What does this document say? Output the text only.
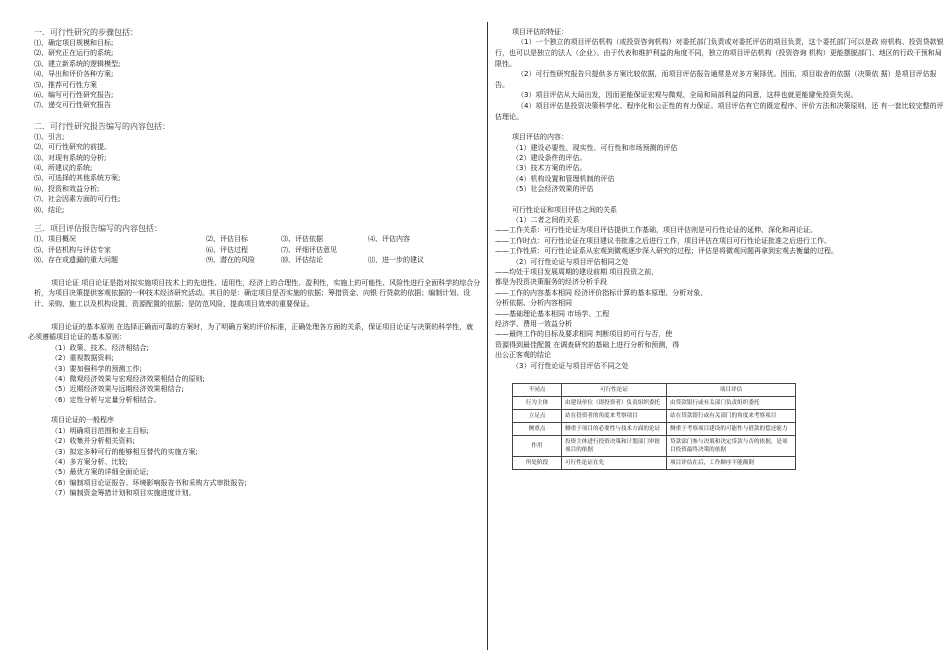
一．可行性研究的步骤包括：
⑴、确定项目规模和目标;
⑵、研究正在运行的系统;
⑶、建立新系统的逻辑模型;
⑷、导出和评价各种方案;
⑸、推荐可行性方案
⑹、编写可行性研究报告;
⑺、递交可行性研究报告
二．可行性研究报告编写的内容包括：
⑴、引言;
⑵、可行性研究的前提。
⑶、对现有系统的分析;
⑷、所建议的系统;
⑸、可选择的其他系统方案;
⑹、投资和效益分析;
⑺、社会因素方面的可行性;
⑻、结论;
三．项目评估报告编写的内容包括：
⑴、项目概况	⑵、评估目标	⑶、评估依据	⑷、评估内容
⑸、评估机构与评估专家	⑹、评估过程	⑺、评细评估意见
⑻、存在或遗漏的重大问题	⑼、潜在的风险	⑽、评估结论	⑾、进一步的建议
项目论证 项目论证是指对拟实施项目技术上的先进性、适用性，经济上的合理性、盈利性，实施上的可能性、风险性进行全面科学的综合分析，为项目决策提供客观依据的一种技术经济研究活动。其目的是：确定项目是否实施的依据；筹措资金、向银 行贷款的依据；编制计划、设计、采购、施工以及机构设置、资源配置的依据；是防范风险、提高项目效率的重要保证。
项目论证的基本原则 在选择正确而可靠的方案时，为了明确方案的评价标准，正确处理各方面的关系，保证项目论证与决策的科学性，就
必须遵循项目论证的基本原则：
（1）政策、技术、经济相结合;
（2）重视数据资料;
（3）要加强科学的预测工作;
（4）微观经济效果与宏观经济效果相结合的原则;
（5）近期经济效果与远期经济效果相结合;
（6）定性分析与定量分析相结合。
项目论证的一般程序
（1）明确项目范围和业主目标;
（2）收集并分析相关资料;
（3）拟定多种可行的能够相互替代的实施方案;
（4）多方案分析、比较;
（5）最优方案的详细全面论证;
（6）编制项目论证报告、环境影响报告书和采购方式审批报告;
（7）编制资金筹措计划和项目实施进度计划。
项目评估的特征：
（1）一个独立的项目评估机构（或投资咨询机构）对委托部门负责或对委托评估的项目负责，这个委托部门可以是政 府机构、投资贷款银行，也可以是独立的法人（企业）。由于代表和维护利益的角度不同，独立的项目评估机构（投资咨询 机构）更能摆脱部门、地区的行政干预和局限性。
（2）可行性研究报告只提供多方案比较依据，而项目评估报告通常是对多方案择优。因而，项目取舍的依据（决策依 据）是项目评估报告。
（3）项目评估从大局出发，因而更能保证宏观与微观、全局和局部利益的同意，这样也就更能避免投资失误。
（4）项目评估是投资决策科学化、程序化和公正性的有力保证。项目评估有它的既定程序、评价方法和决策原则，还 有一套比较完整的评估理论。
项目评估的内容：
（1）建设必要性、现实性、可行性和市场预测的评估
（2）建设条件的评估。
（3）技术方案的评估。
（4）机构设置和管理机制的评估
（5）社会经济效果的评估
可行性论证和项目评估之间的关系
（1）二者之间的关系
——工作关系：可行性论证为项目评估提供工作基础，项目评估则是可行性论证的延伸、深化和再论证。
——工作时点：可行性论证在项目建议书批准之后进行工作，项目评估在项目可行性论证批准之后进行工作。
——工作性质：可行性论证系从宏观到微观逐步深入研究的过程；评估是将微观问题再拿到宏观去衡量的过程。
（2）可行性论证与项目评估相同之处
——均处于项目发展周期的建设前期 项目投资之前，
都是为投资决策服务的经济分析手段
——工作的内容基本相同 经济评价指标计算的基本原理、分析对象、
分析依据、分析内容相同
——基础理论基本相同 市场学、工程
经济学、费用一效益分析
——最终工作的目标及要求相同 判断项目的可行与否，使
资源得到最佳配置 在调查研究的基础上进行分析和预测，得
出公正客观的结论
（3）可行性论证与项目评估不同之处
不同点	可行性论证	项目评估
行为主体	由建设单位（即投资者）负责组织委托	由贷款银行或有关部门负责组织委托
立足点	站在投资者的角度来考察项目	站在贷款银行或有关部门的角度来考察项目
侧重点	侧重于项目的必要性与技术方面的论证	侧重于考察项目建设的可能性与借款的偿还能力
作用	投资主体进行投资决策和计划部门审批项目的依据	贷款部门参与决策和决定贷款与否的依据，是项目投资最终决策的依据
所处阶段	可行性论证在先	项目评估在后，工作顺序不能颠倒
